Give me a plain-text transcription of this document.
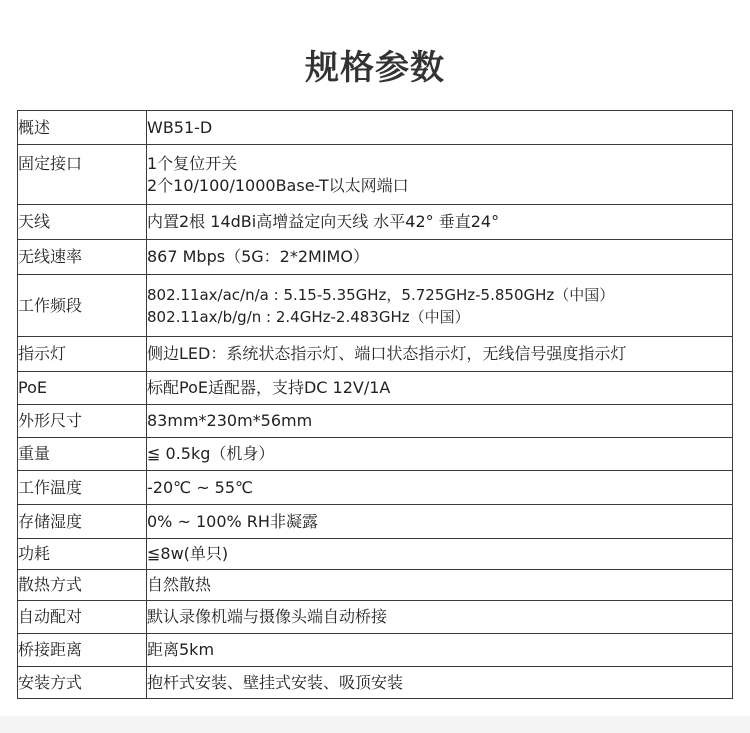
规格参数
概述	WB51-D

固定接口	1个复位开关
2个10/100/1000Base-T以太网端口

天线	内置2根 14dBi高增益定向天线 水平42° 垂直24°

无线速率	867 Mbps（5G：2*2MIMO）

工作频段	802.11ax/ac/n/a : 5.15-5.35GHz，5.725GHz-5.850GHz（中国）
802.11ax/b/g/n : 2.4GHz-2.483GHz（中国）

指示灯	侧边LED：系统状态指示灯、端口状态指示灯，无线信号强度指示灯

PoE	标配PoE适配器，支持DC 12V/1A

外形尺寸	83mm*230m*56mm

重量	≦ 0.5kg（机身）

工作温度	-20℃ ~ 55℃

存储湿度	0% ~ 100% RH非凝露

功耗	≦8w(单只)

散热方式	自然散热

自动配对	默认录像机端与摄像头端自动桥接

桥接距离	距离5km

安装方式	抱杆式安装、壁挂式安装、吸顶安装
